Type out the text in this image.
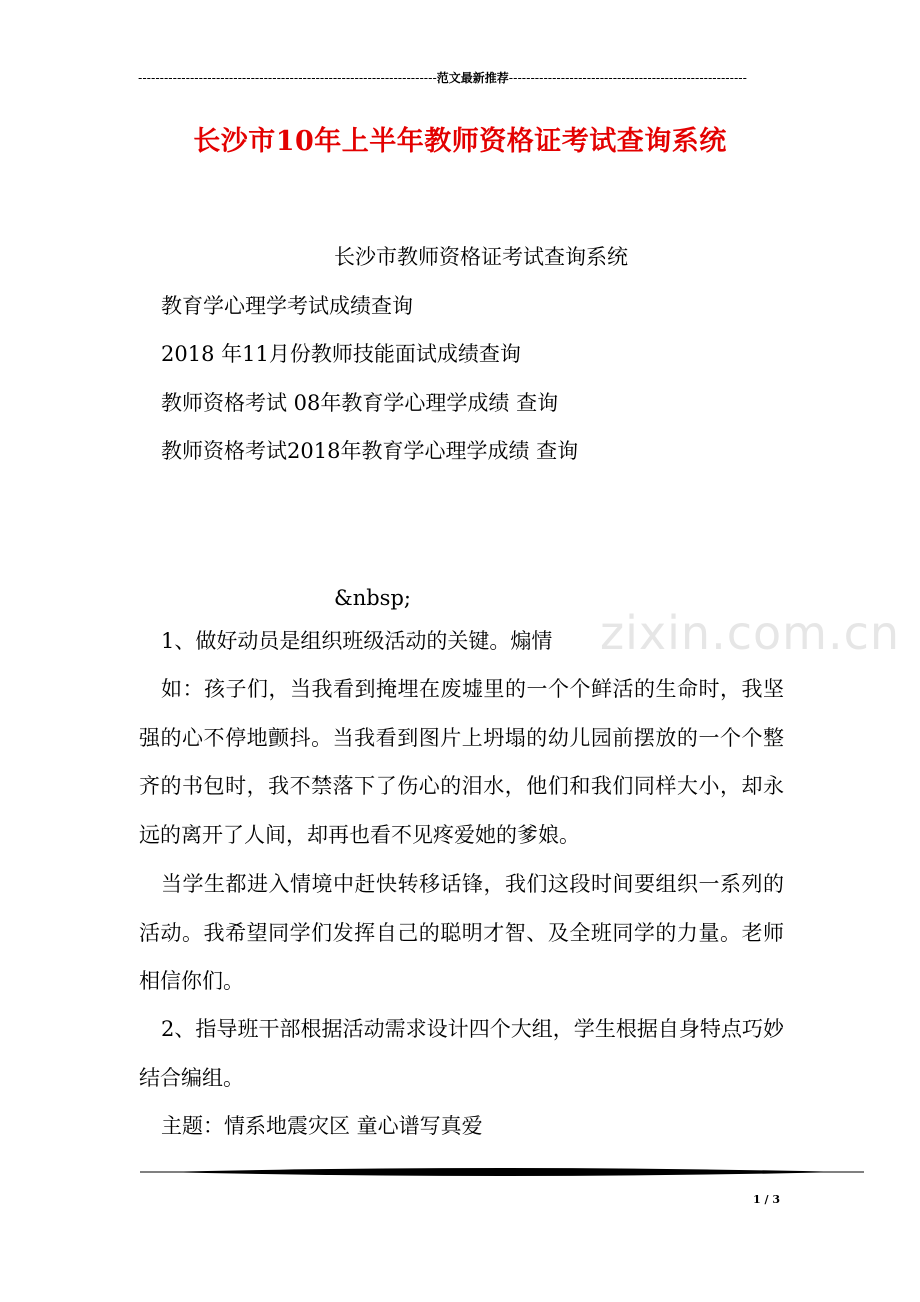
---------------------------------------------------------------------范文最新推荐-------------------------------------------------------
长沙市10年上半年教师资格证考试查询系统
zixin.com.cn
长沙市教师资格证考试查询系统
教育学心理学考试成绩查询
2018 年11月份教师技能面试成绩查询
教师资格考试 08年教育学心理学成绩 查询
教师资格考试2018年教育学心理学成绩 查询
&nbsp;
1、做好动员是组织班级活动的关键。煽情
如：孩子们，当我看到掩埋在废墟里的一个个鲜活的生命时，我坚强的心不停地颤抖。当我看到图片上坍塌的幼儿园前摆放的一个个整齐的书包时，我不禁落下了伤心的泪水，他们和我们同样大小，却永远的离开了人间，却再也看不见疼爱她的爹娘。
当学生都进入情境中赶快转移话锋，我们这段时间要组织一系列的活动。我希望同学们发挥自己的聪明才智、及全班同学的力量。老师相信你们。
2、指导班干部根据活动需求设计四个大组，学生根据自身特点巧妙结合编组。
主题：情系地震灾区 童心谱写真爱
1 / 3
